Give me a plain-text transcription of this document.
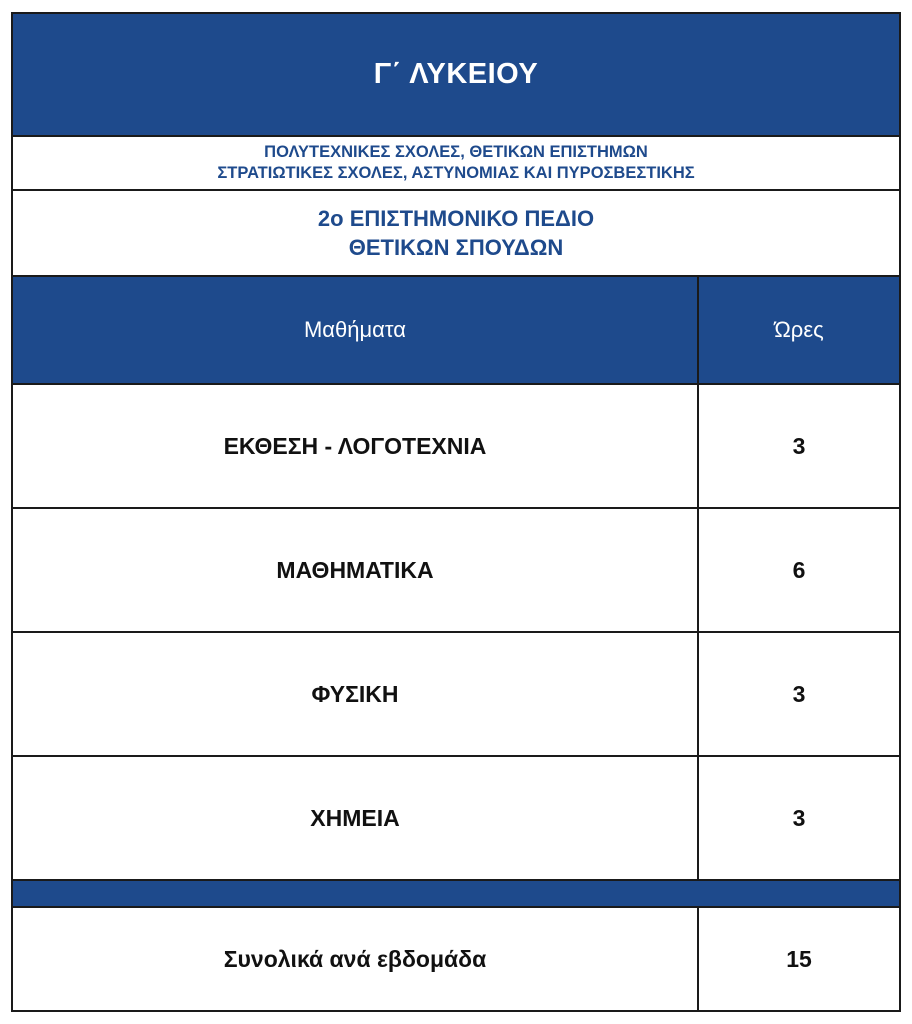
Γ΄ ΛΥΚΕΙΟΥ
ΠΟΛΥΤΕΧΝΙΚΕΣ ΣΧΟΛΕΣ, ΘΕΤΙΚΩΝ ΕΠΙΣΤΗΜΩΝ
ΣΤΡΑΤΙΩΤΙΚΕΣ ΣΧΟΛΕΣ, ΑΣΤΥΝΟΜΙΑΣ ΚΑΙ ΠΥΡΟΣΒΕΣΤΙΚΗΣ
2ο ΕΠΙΣΤΗΜΟΝΙΚΟ ΠΕΔΙΟ
ΘΕΤΙΚΩΝ ΣΠΟΥΔΩΝ
Μαθήματα	Ώρες
ΕΚΘΕΣΗ - ΛΟΓΟΤΕΧΝΙΑ	3
ΜΑΘΗΜΑΤΙΚΑ	6
ΦΥΣΙΚΗ	3
ΧΗΜΕΙΑ	3
Συνολικά ανά εβδομάδα	15
